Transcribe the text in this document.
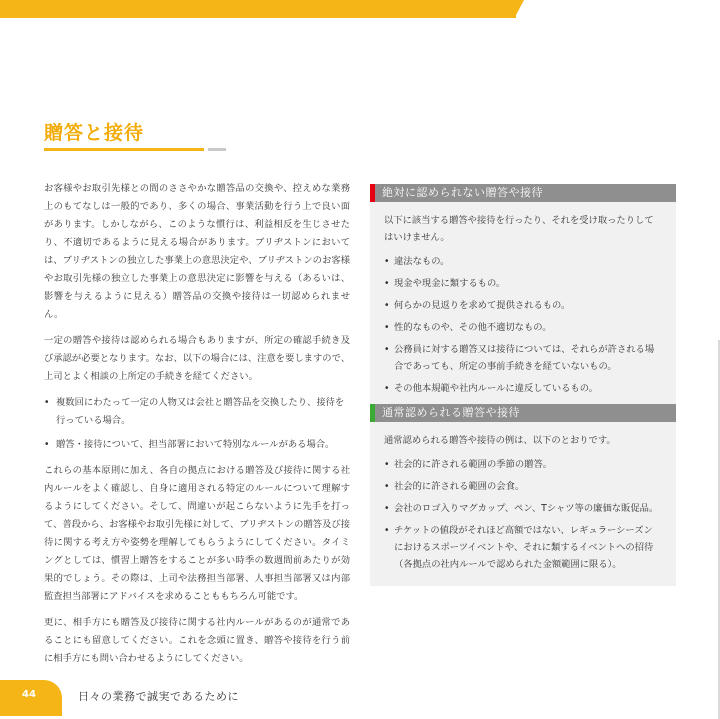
贈答と接待

お客様やお取引先様との間のささやかな贈答品の交換や、控えめな業務上のもてなしは一般的であり、多くの場合、事業活動を行う上で良い面があります。しかしながら、このような慣行は、利益相反を生じさせたり、不適切であるように見える場合があります。ブリヂストンにおいては、ブリヂストンの独立した事業上の意思決定や、ブリヂストンのお客様やお取引先様の独立した事業上の意思決定に影響を与える（あるいは、影響を与えるように見える）贈答品の交換や接待は一切認められません。

一定の贈答や接待は認められる場合もありますが、所定の確認手続き及び承認が必要となります。なお、以下の場合には、注意を要しますので、上司とよく相談の上所定の手続きを経てください。

• 複数回にわたって一定の人物又は会社と贈答品を交換したり、接待を行っている場合。
• 贈答・接待について、担当部署において特別なルールがある場合。

これらの基本原則に加え、各自の拠点における贈答及び接待に関する社内ルールをよく確認し、自身に適用される特定のルールについて理解するようにしてください。そして、問違いが起こらないように先手を打って、普段から、お客様やお取引先様に対して、ブリヂストンの贈答及び接待に関する考え方や姿勢を理解してもらうようにしてください。タイミングとしては、慣習上贈答をすることが多い時季の数週間前あたりが効果的でしょう。その際は、上司や法務担当部署、人事担当部署又は内部監査担当部署にアドバイスを求めることももちろん可能です。

更に、相手方にも贈答及び接待に関する社内ルールがあるのが通常であることにも留意してください。これを念頭に置き、贈答や接待を行う前に相手方にも問い合わせるようにしてください。

絶対に認められない贈答や接待

以下に該当する贈答や接待を行ったり、それを受け取ったりしてはいけません。

• 違法なもの。
• 現金や現金に類するもの。
• 何らかの見返りを求めて提供されるもの。
• 性的なものや、その他不適切なもの。
• 公務員に対する贈答又は接待については、それらが許される場合であっても、所定の事前手続きを経ていないもの。
• その他本規範や社内ルールに違反しているもの。
通常認められる贈答や接待

通常認められる贈答や接待の例は、以下のとおりです。

• 社会的に許される範囲の季節の贈答。
• 社会的に許される範囲の会食。
• 会社のロゴ入りマグカップ、ペン、Tシャツ等の廉価な販促品。
• チケットの値段がそれほど高額ではない、レギュラーシーズンにおけるスポーツイベントや、それに類するイベントへの招待（各拠点の社内ルールで認められた金額範囲に限る）。
44	日々の業務で誠実であるために
